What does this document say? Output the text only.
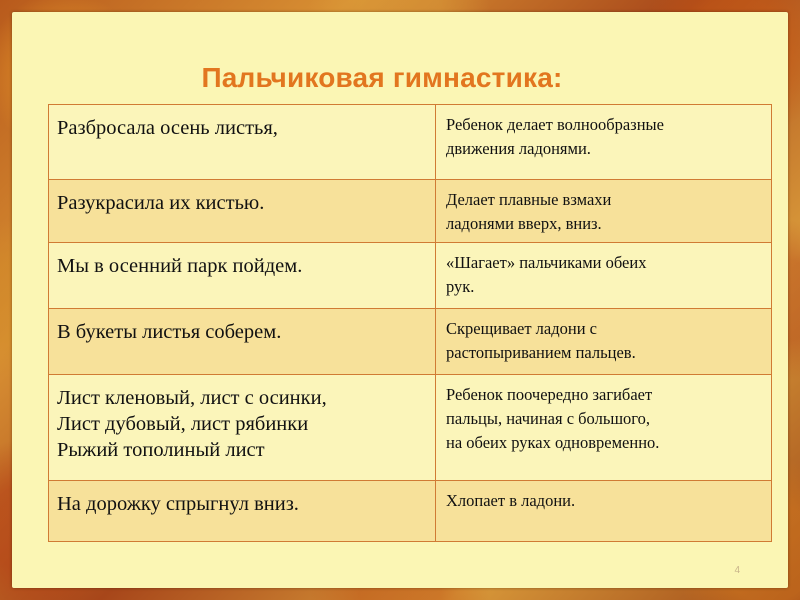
Пальчиковая гимнастика:
Разбросала осень листья,	Ребенок делает волнообразные
движения ладонями.

Разукрасила их кистью.	Делает плавные взмахи
ладонями вверх, вниз.

Мы в осенний парк пойдем.	«Шагает» пальчиками обеих
рук.

В букеты листья соберем.	Скрещивает ладони с
растопыриванием пальцев.

Лист кленовый, лист с осинки,
Лист дубовый, лист рябинки
Рыжий тополиный лист	Ребенок поочередно загибает
пальцы, начиная с большого,
на обеих руках одновременно.

На дорожку спрыгнул вниз.	Хлопает в ладони.
4
